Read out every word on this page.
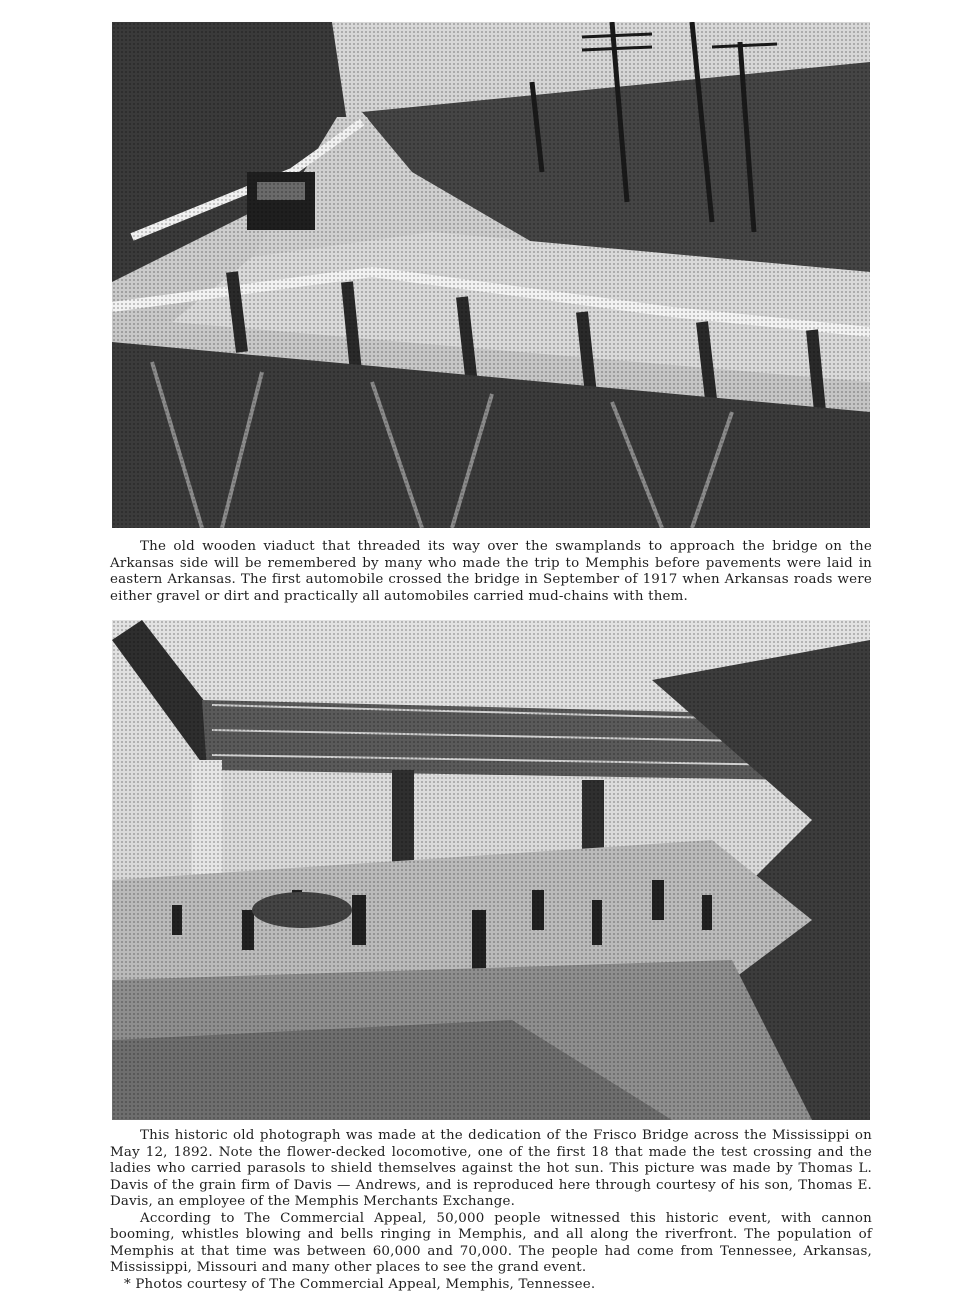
The old wooden viaduct that threaded its way over the swamplands to approach the bridge on the Arkansas side will be remembered by many who made the trip to Memphis before pavements were laid in eastern Arkansas. The first automobile crossed the bridge in September of 1917 when Arkansas roads were either gravel or dirt and practically all automobiles carried mud-chains with them.

This historic old photograph was made at the dedication of the Frisco Bridge across the Mississippi on May 12, 1892. Note the flower-decked locomotive, one of the first 18 that made the test crossing and the ladies who carried parasols to shield themselves against the hot sun. This picture was made by Thomas L. Davis of the grain firm of Davis — Andrews, and is reproduced here through courtesy of his son, Thomas E. Davis, an employee of the Memphis Merchants Exchange.

According to The Commercial Appeal, 50,000 people witnessed this historic event, with cannon booming, whistles blowing and bells ringing in Memphis, and all along the riverfront. The population of Memphis at that time was between 60,000 and 70,000. The people had come from Tennessee, Arkansas, Mississippi, Missouri and many other places to see the grand event.

* Photos courtesy of The Commercial Appeal, Memphis, Tennessee.
